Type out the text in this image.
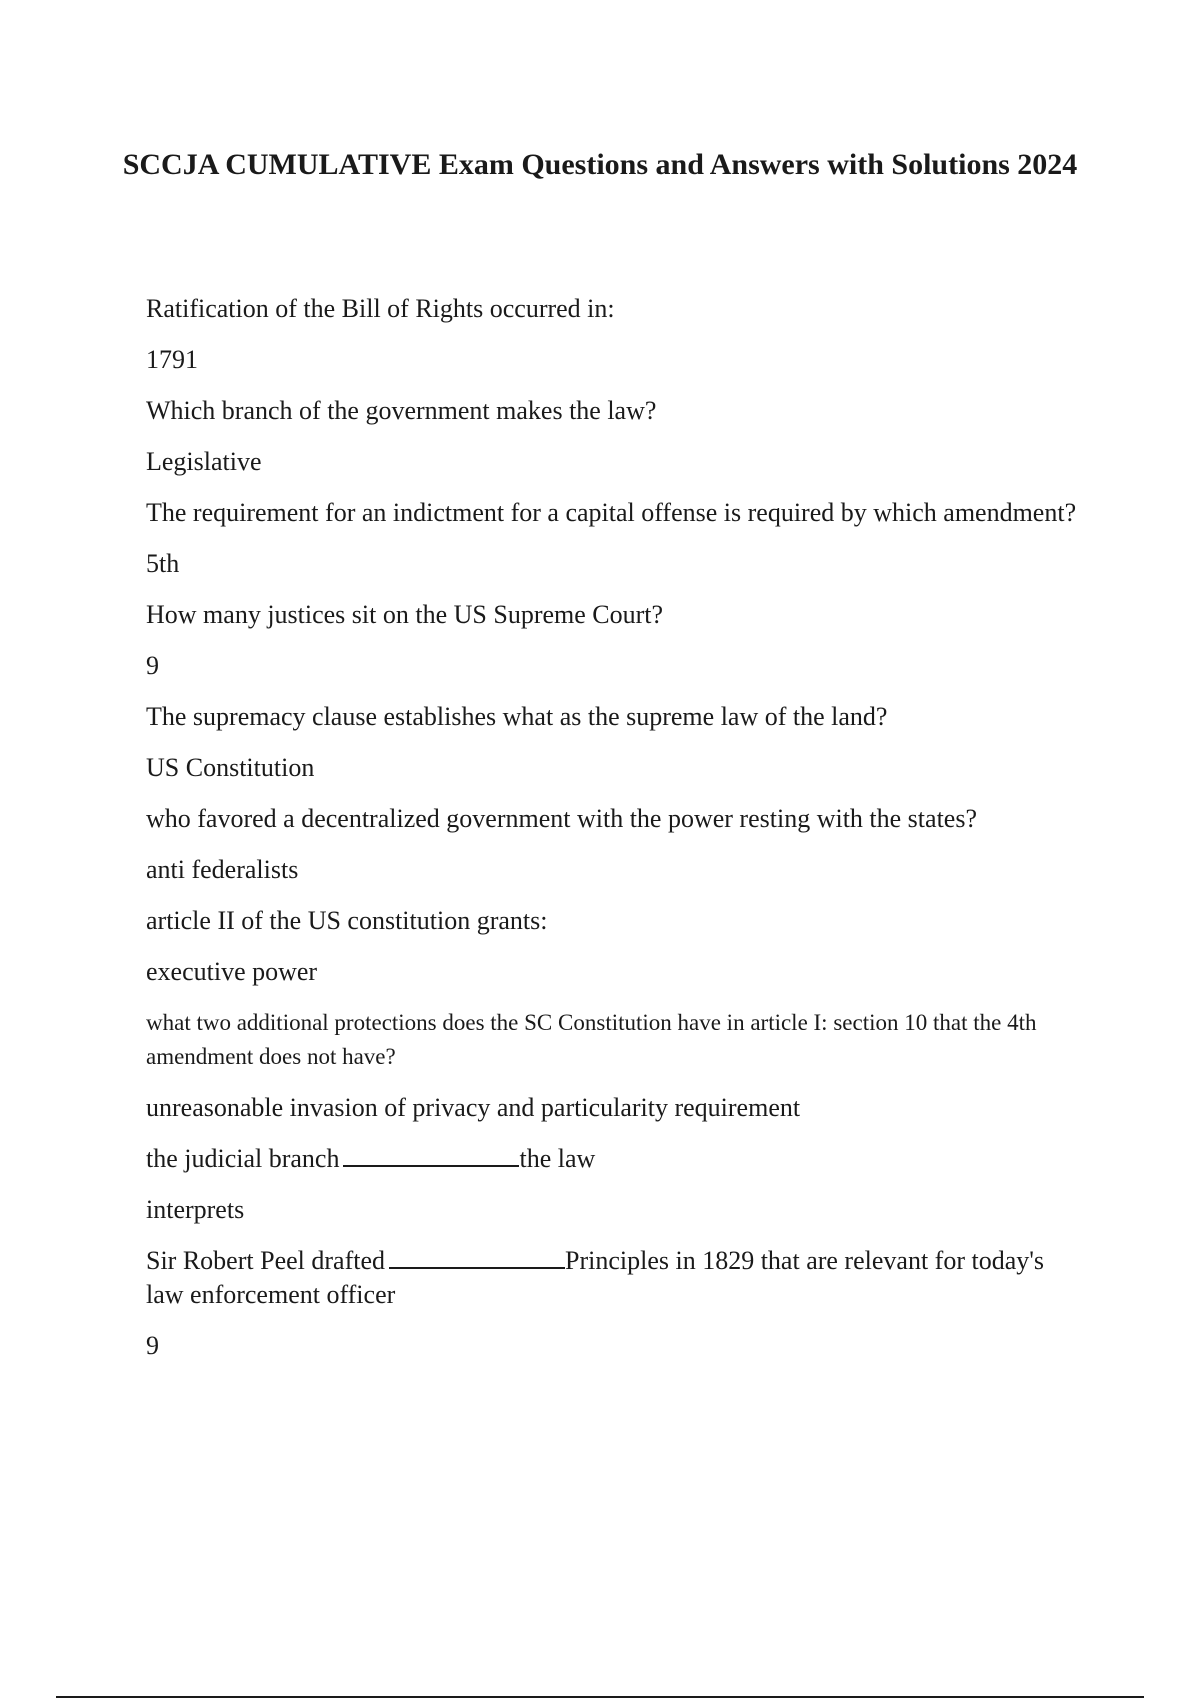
SCCJA CUMULATIVE Exam Questions and Answers with Solutions 2024

Ratification of the Bill of Rights occurred in:

1791

Which branch of the government makes the law?

Legislative

The requirement for an indictment for a capital offense is required by which amendment?

5th

How many justices sit on the US Supreme Court?

9

The supremacy clause establishes what as the supreme law of the land?

US Constitution

who favored a decentralized government with the power resting with the states?

anti federalists

article II of the US constitution grants:

executive power

what two additional protections does the SC Constitution have in article I: section 10 that the 4th amendment does not have?

unreasonable invasion of privacy and particularity requirement

the judicial branch	the law

interprets

Sir Robert Peel drafted	Principles in 1829 that are relevant for today's law enforcement officer

9
